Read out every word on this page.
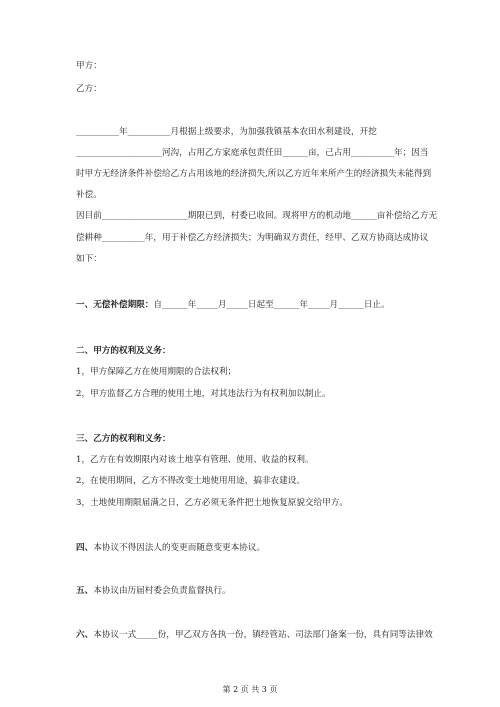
甲方：
乙方：
__________年__________月根据上级要求，为加强我镇基本农田水利建设，开挖
____________________河沟，占用乙方家庭承包责任田______亩，己占用__________年；因当
时甲方无经济条件补偿给乙方占用该地的经济损失,所以乙方近年来所产生的经济损失未能得到
补偿。
因目前____________________期限已到，村委已收回。现将甲方的机动地______亩补偿给乙方无
偿耕种__________年，用于补偿乙方经济损失；为明确双方责任，经甲、乙双方协商达成协议
如下：
一、无偿补偿期限：自______年_____月_____日起至______年_____月______日止。
二、甲方的权利及义务：
1，甲方保障乙方在使用期限的合法权利；
2，甲方监督乙方合理的使用土地，对其违法行为有权利加以制止。
三、乙方的权利和义务：
1，乙方在有效期限内对该土地享有管理、使用、收益的权利。
2，在使用期间，乙方不得改变土地使用用途，搞非农建设。
3，土地使用期限届满之日，乙方必须无条件把土地恢复原貌交给甲方。
四、本协议不得因法人的变更而随意变更本协议。
五、本协议由历届村委会负责监督执行。
六、本协议一式_____份，甲乙双方各执一份，镇经管站、司法部门备案一份，具有同等法律效
第 2 页 共 3 页
